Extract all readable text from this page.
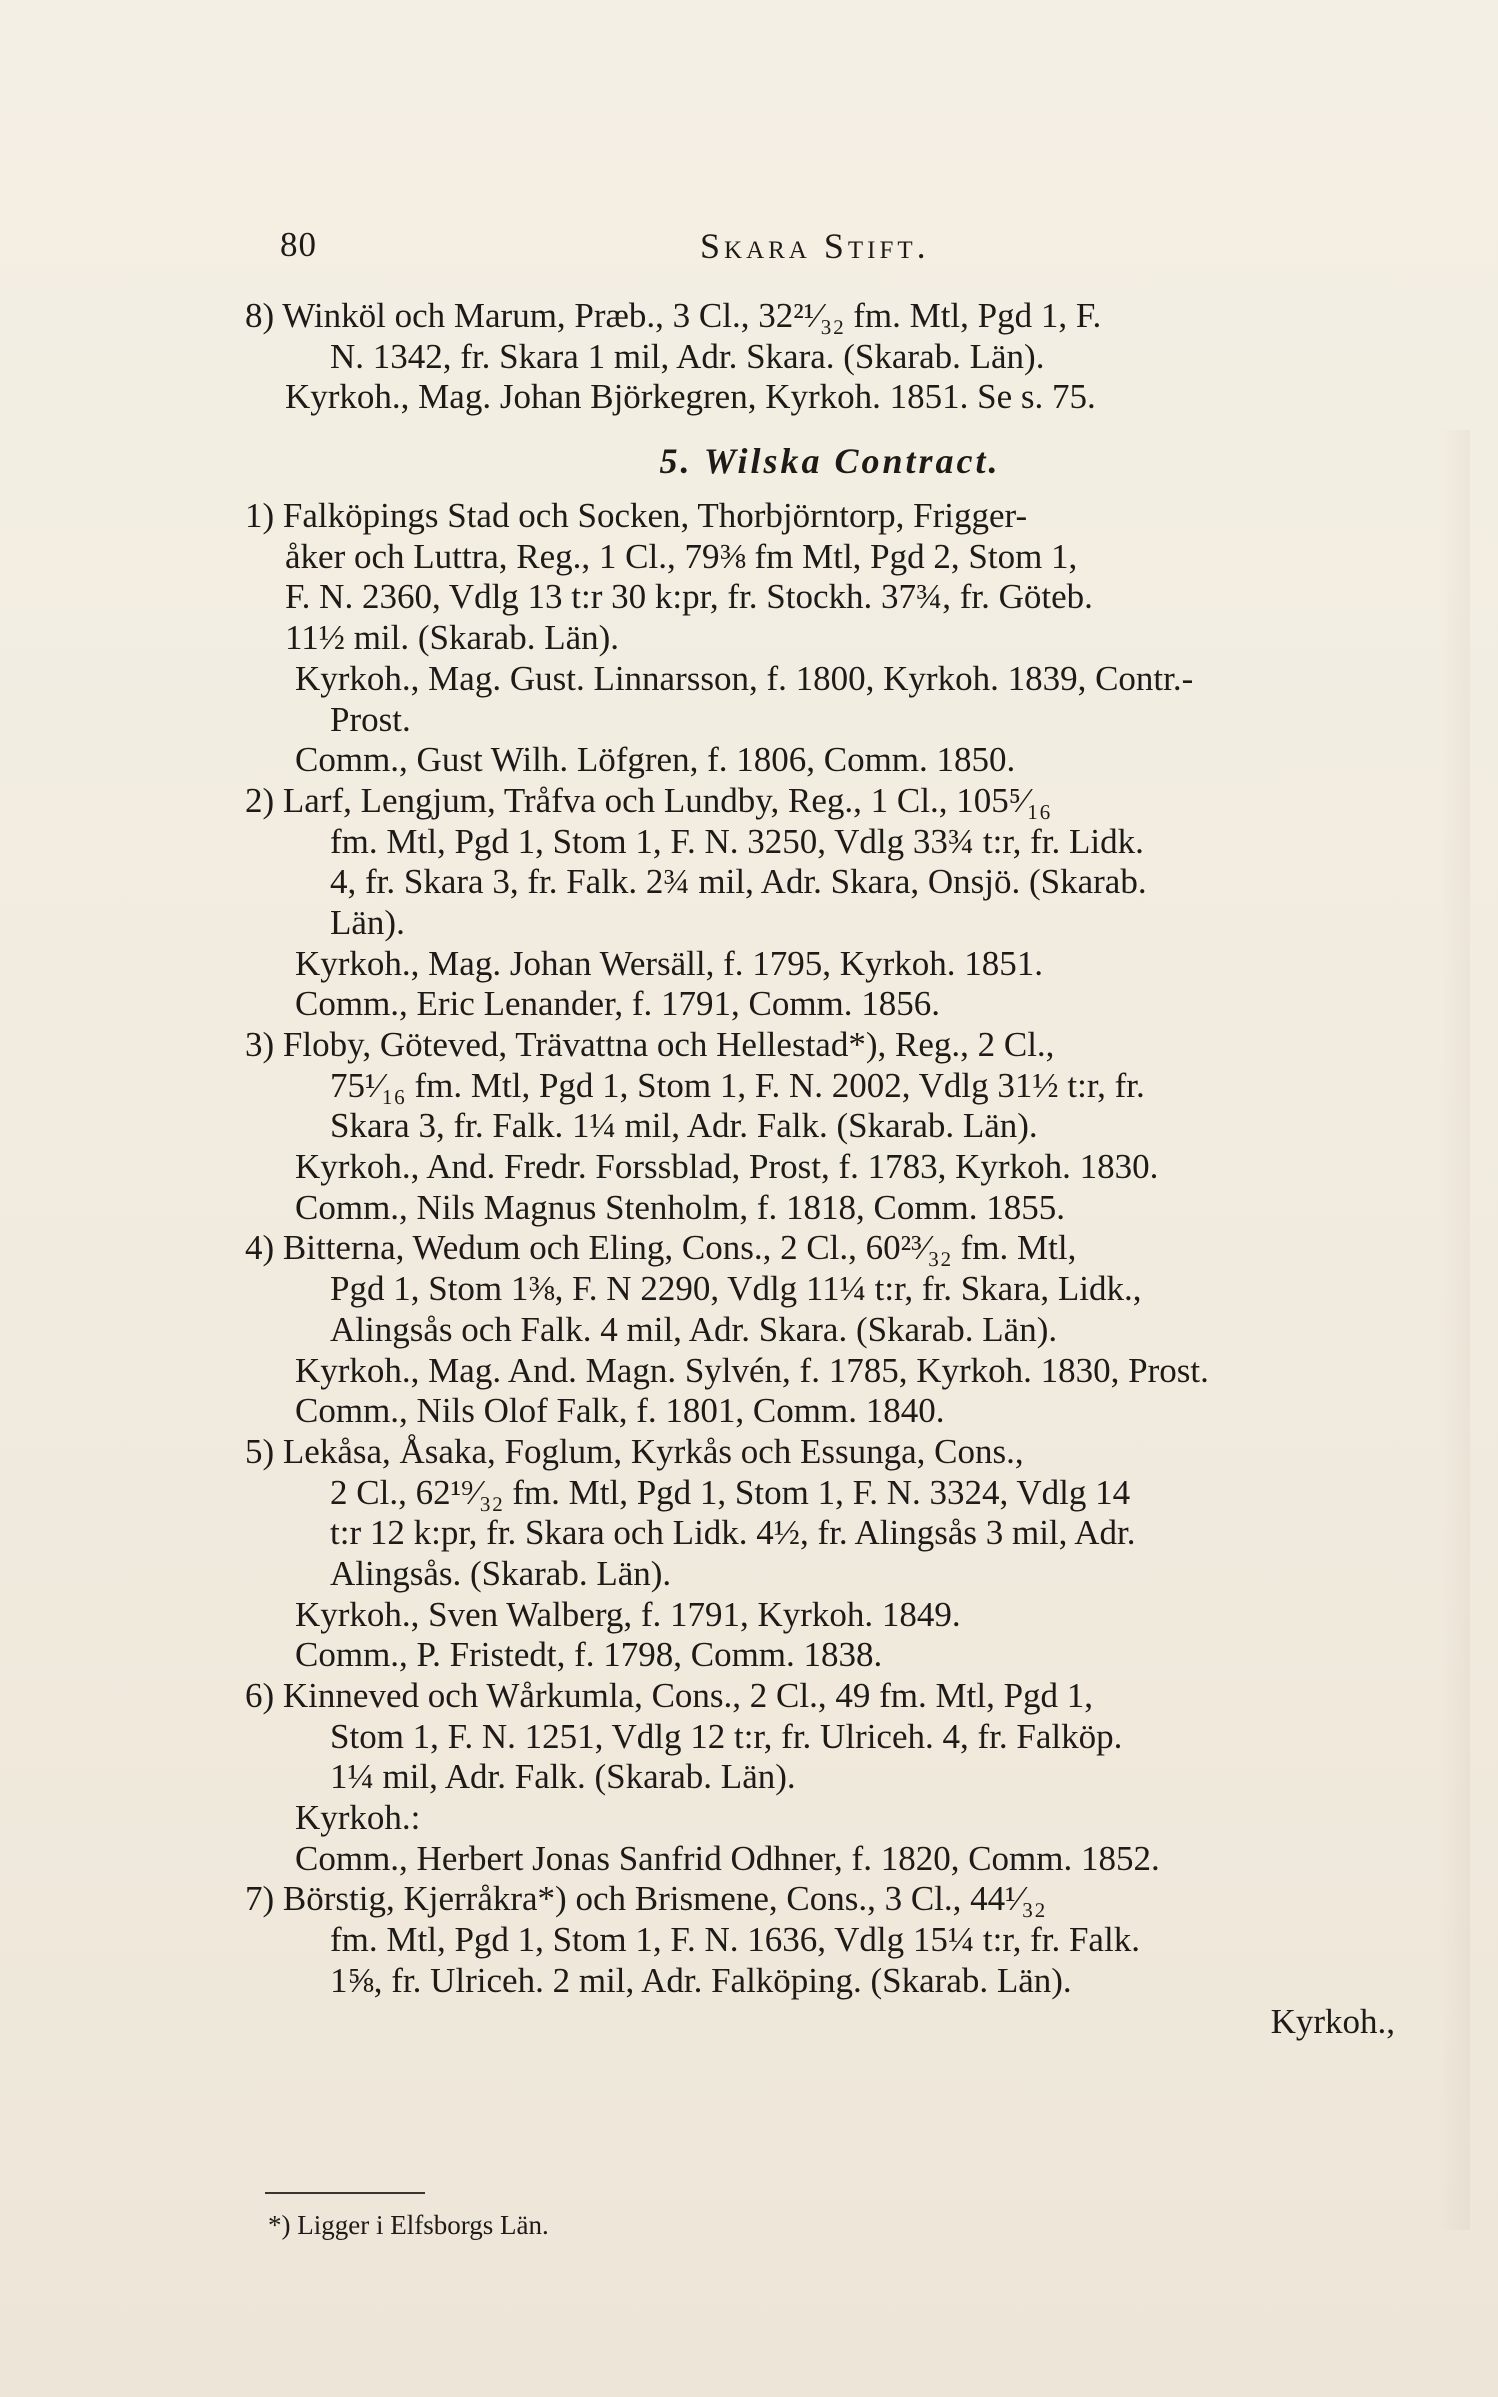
80	Skara Stift.
8) Winköl och Marum, Præb., 3 Cl., 32²¹⁄₃₂ fm. Mtl, Pgd 1, F.
N. 1342, fr. Skara 1 mil, Adr. Skara. (Skarab. Län).
Kyrkoh., Mag. Johan Björkegren, Kyrkoh. 1851. Se s. 75.
5. Wilska Contract.
1) Falköpings Stad och Socken, Thorbjörntorp, Frigger-
åker och Luttra, Reg., 1 Cl., 79⅜ fm Mtl, Pgd 2, Stom 1,
F. N. 2360, Vdlg 13 t:r 30 k:pr, fr. Stockh. 37¾, fr. Göteb.
11½ mil. (Skarab. Län).
Kyrkoh., Mag. Gust. Linnarsson, f. 1800, Kyrkoh. 1839, Contr.-
Prost.
Comm., Gust Wilh. Löfgren, f. 1806, Comm. 1850.
2) Larf, Lengjum, Tråfva och Lundby, Reg., 1 Cl., 105⁵⁄₁₆
fm. Mtl, Pgd 1, Stom 1, F. N. 3250, Vdlg 33¾ t:r, fr. Lidk.
4, fr. Skara 3, fr. Falk. 2¾ mil, Adr. Skara, Onsjö. (Skarab.
Län).
Kyrkoh., Mag. Johan Wersäll, f. 1795, Kyrkoh. 1851.
Comm., Eric Lenander, f. 1791, Comm. 1856.
3) Floby, Göteved, Trävattna och Hellestad*), Reg., 2 Cl.,
75¹⁄₁₆ fm. Mtl, Pgd 1, Stom 1, F. N. 2002, Vdlg 31½ t:r, fr.
Skara 3, fr. Falk. 1¼ mil, Adr. Falk. (Skarab. Län).
Kyrkoh., And. Fredr. Forssblad, Prost, f. 1783, Kyrkoh. 1830.
Comm., Nils Magnus Stenholm, f. 1818, Comm. 1855.
4) Bitterna, Wedum och Eling, Cons., 2 Cl., 60²³⁄₃₂ fm. Mtl,
Pgd 1, Stom 1⅜, F. N 2290, Vdlg 11¼ t:r, fr. Skara, Lidk.,
Alingsås och Falk. 4 mil, Adr. Skara. (Skarab. Län).
Kyrkoh., Mag. And. Magn. Sylvén, f. 1785, Kyrkoh. 1830, Prost.
Comm., Nils Olof Falk, f. 1801, Comm. 1840.
5) Lekåsa, Åsaka, Foglum, Kyrkås och Essunga, Cons.,
2 Cl., 62¹⁹⁄₃₂ fm. Mtl, Pgd 1, Stom 1, F. N. 3324, Vdlg 14
t:r 12 k:pr, fr. Skara och Lidk. 4½, fr. Alingsås 3 mil, Adr.
Alingsås. (Skarab. Län).
Kyrkoh., Sven Walberg, f. 1791, Kyrkoh. 1849.
Comm., P. Fristedt, f. 1798, Comm. 1838.
6) Kinneved och Wårkumla, Cons., 2 Cl., 49 fm. Mtl, Pgd 1,
Stom 1, F. N. 1251, Vdlg 12 t:r, fr. Ulriceh. 4, fr. Falköp.
1¼ mil, Adr. Falk. (Skarab. Län).
Kyrkoh.:
Comm., Herbert Jonas Sanfrid Odhner, f. 1820, Comm. 1852.
7) Börstig, Kjerråkra*) och Brismene, Cons., 3 Cl., 44¹⁄₃₂
fm. Mtl, Pgd 1, Stom 1, F. N. 1636, Vdlg 15¼ t:r, fr. Falk.
1⅝, fr. Ulriceh. 2 mil, Adr. Falköping. (Skarab. Län).
Kyrkoh.,
*) Ligger i Elfsborgs Län.
